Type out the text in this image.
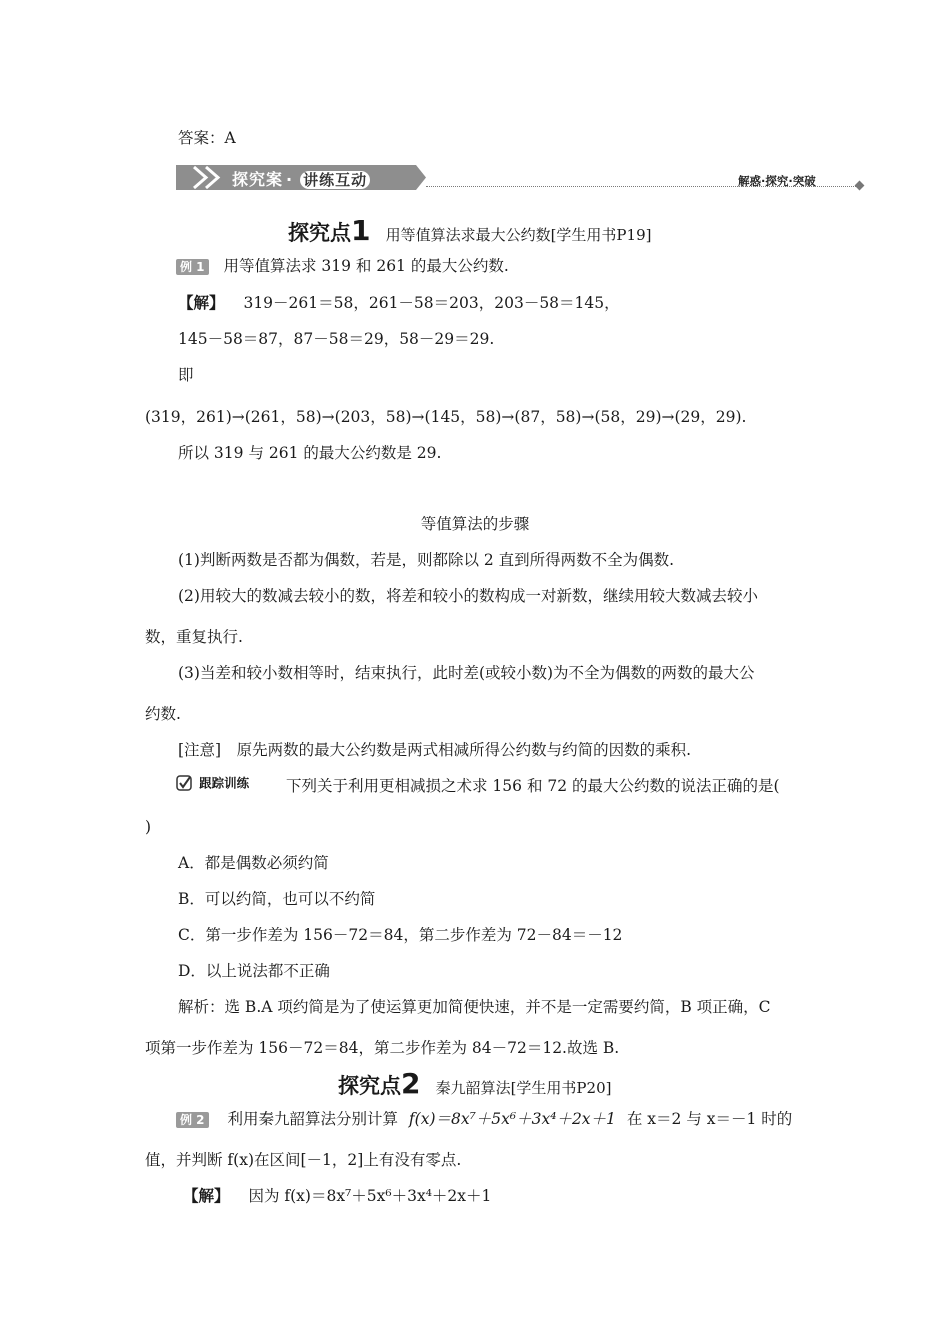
答案：A
探究案 · 讲练互动	解惑·探究·突破
探究点1 用等值算法求最大公约数[学生用书P19]
例 1 用等值算法求 319 和 261 的最大公约数.
【解】 319－261＝58，261－58＝203，203－58＝145，
145－58＝87，87－58＝29，58－29＝29.
即
(319，261)→(261，58)→(203，58)→(145，58)→(87，58)→(58，29)→(29，29).
所以 319 与 261 的最大公约数是 29.
等值算法的步骤
(1)判断两数是否都为偶数，若是，则都除以 2 直到所得两数不全为偶数.
(2)用较大的数减去较小的数，将差和较小的数构成一对新数，继续用较大数减去较小
数，重复执行.
(3)当差和较小数相等时，结束执行，此时差(或较小数)为不全为偶数的两数的最大公
约数.
[注意]　原先两数的最大公约数是两式相减所得公约数与约简的因数的乘积.
跟踪训练 下列关于利用更相减损之术求 156 和 72 的最大公约数的说法正确的是(
)
A．都是偶数必须约简
B．可以约简，也可以不约简
C．第一步作差为 156－72＝84，第二步作差为 72－84＝－12
D．以上说法都不正确
解析：选 B.A 项约简是为了使运算更加简便快速，并不是一定需要约简，B 项正确，C
项第一步作差为 156－72＝84，第二步作差为 84－72＝12.故选 B.
探究点2 秦九韶算法[学生用书P20]
例 2 利用秦九韶算法分别计算 f(x)＝8x⁷＋5x⁶＋3x⁴＋2x＋1 在 x＝2 与 x＝－1 时的
值，并判断 f(x)在区间[－1，2]上有没有零点.
【解】 因为 f(x)＝8x⁷＋5x⁶＋3x⁴＋2x＋1
